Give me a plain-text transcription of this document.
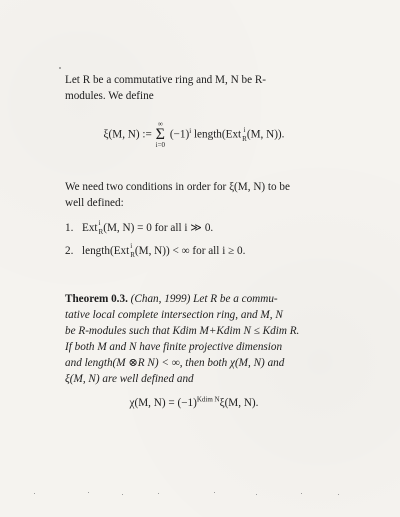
Let R be a commutative ring and M, N be R-
modules. We define

ξ(M, N) :=
∞
Σ
i=0
$(-1)^i$ length(Ext i
R (M, N)).

We need two conditions in order for ξ(M, N) to be
well defined:

1. Ext i
R (M, N) = 0 for all i ≫ 0.
2. length(Ext i
R (M, N)) < ∞ for all i ≥ 0.
Theorem 0.3. (Chan, 1999) Let R be a commu-
tative local complete intersection ring, and M, N
be R-modules such that Kdim M+Kdim N ≤ Kdim R.
If both M and N have finite projective dimension
and length(M ⊗R N) < ∞, then both χ(M, N) and
ξ(M, N) are well defined and
χ(M, $N) = (-1)^{Kdim N}\xi(M$, N).
